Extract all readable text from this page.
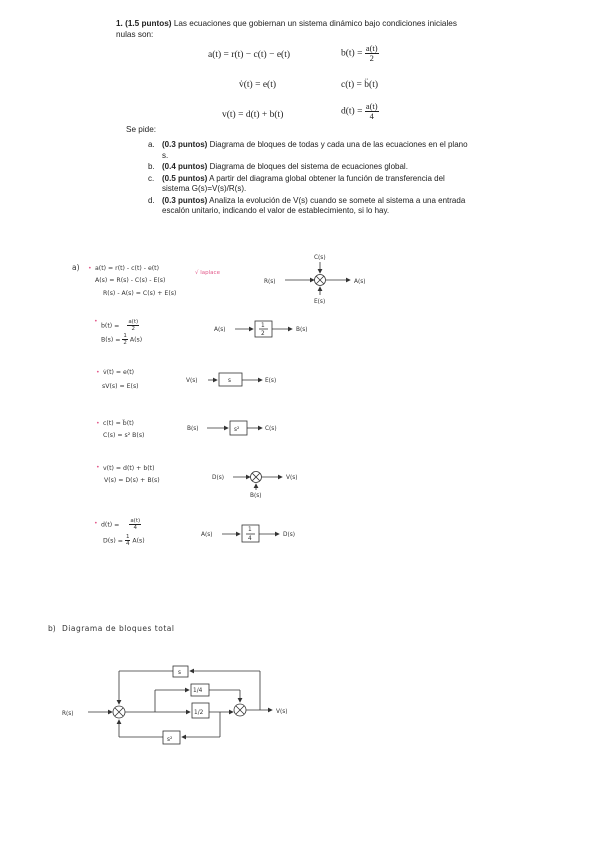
1. (1.5 puntos) Las ecuaciones que gobiernan un sistema dinámico bajo condiciones iniciales nulas son:
a(t) = r(t) − c(t) − e(t)	$b(t) = \frac{a(t)}{2}$
v̇(t) = e(t)	c(t) = b̈(t)
v(t) = d(t) + b(t)	$d(t) = \frac{a(t)}{4}$
Se pide:
a. (0.3 puntos) Diagrama de bloques de todas y cada una de las ecuaciones en el plano s.
b. (0.4 puntos) Diagrama de bloques del sistema de ecuaciones global.
c. (0.5 puntos) A partir del diagrama global obtener la función de transferencia del sistema G(s)=V(s)/R(s).
d. (0.3 puntos) Analiza la evolución de V(s) cuando se somete al sistema a una entrada escalón unitario, indicando el valor de establecimiento, si lo hay.
a) • a(t) = r(t) - c(t) - e(t)
√ laplace
A(s) = R(s) - C(s) - E(s)
R(s) - A(s) = C(s) + E(s)
•
$b(t) = \frac{a(t)}{2}$
$B(s) = \frac{1}{2} A(s)$
• v̇(t) = e(t)
sV(s) = E(s)
• c(t) = b̈(t)
C(s) = s² B(s)
• v(t) = d(t) + b(t)
V(s) = D(s) + B(s)
• $d(t) = \frac{a(t)}{4}$
$D(s) = \frac{1}{4} A(s)$
b) Diagrama de bloques total
R(s)
C(s)
E(s)
A(s)
A(s)
1
2
B(s)
V(s)	s	E(s)
B(s)	s²	C(s)
D(s)
B(s)
V(s)
A(s)
1
4
D(s)
R(s)	V(s)
s
1/4
1/2
s²
